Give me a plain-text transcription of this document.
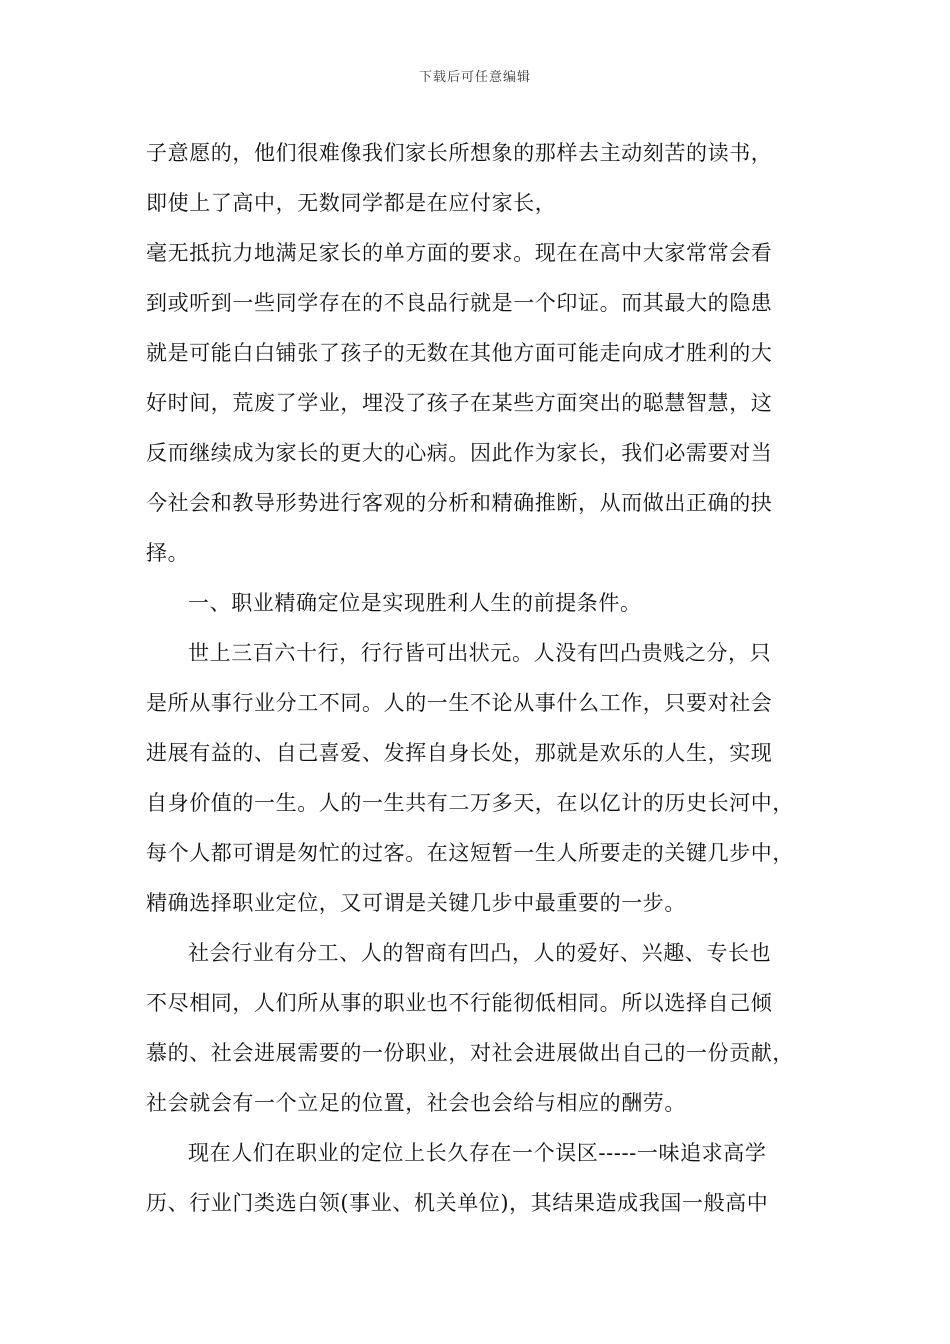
下载后可任意编辑
子意愿的，他们很难像我们家长所想象的那样去主动刻苦的读书，
即使上了高中，无数同学都是在应付家长，
毫无抵抗力地满足家长的单方面的要求。现在在高中大家常常会看
到或听到一些同学存在的不良品行就是一个印证。而其最大的隐患
就是可能白白铺张了孩子的无数在其他方面可能走向成才胜利的大
好时间，荒废了学业，埋没了孩子在某些方面突出的聪慧智慧，这
反而继续成为家长的更大的心病。因此作为家长，我们必需要对当
今社会和教导形势进行客观的分析和精确推断，从而做出正确的抉
择。
一、职业精确定位是实现胜利人生的前提条件。
世上三百六十行，行行皆可出状元。人没有凹凸贵贱之分，只
是所从事行业分工不同。人的一生不论从事什么工作，只要对社会
进展有益的、自己喜爱、发挥自身长处，那就是欢乐的人生，实现
自身价值的一生。人的一生共有二万多天，在以亿计的历史长河中，
每个人都可谓是匆忙的过客。在这短暂一生人所要走的关键几步中，
精确选择职业定位，又可谓是关键几步中最重要的一步。
社会行业有分工、人的智商有凹凸，人的爱好、兴趣、专长也
不尽相同，人们所从事的职业也不行能彻低相同。所以选择自己倾
慕的、社会进展需要的一份职业，对社会进展做出自己的一份贡献，
社会就会有一个立足的位置，社会也会给与相应的酬劳。
现在人们在职业的定位上长久存在一个误区-----一味追求高学
历、行业门类选白领(事业、机关单位)，其结果造成我国一般高中
